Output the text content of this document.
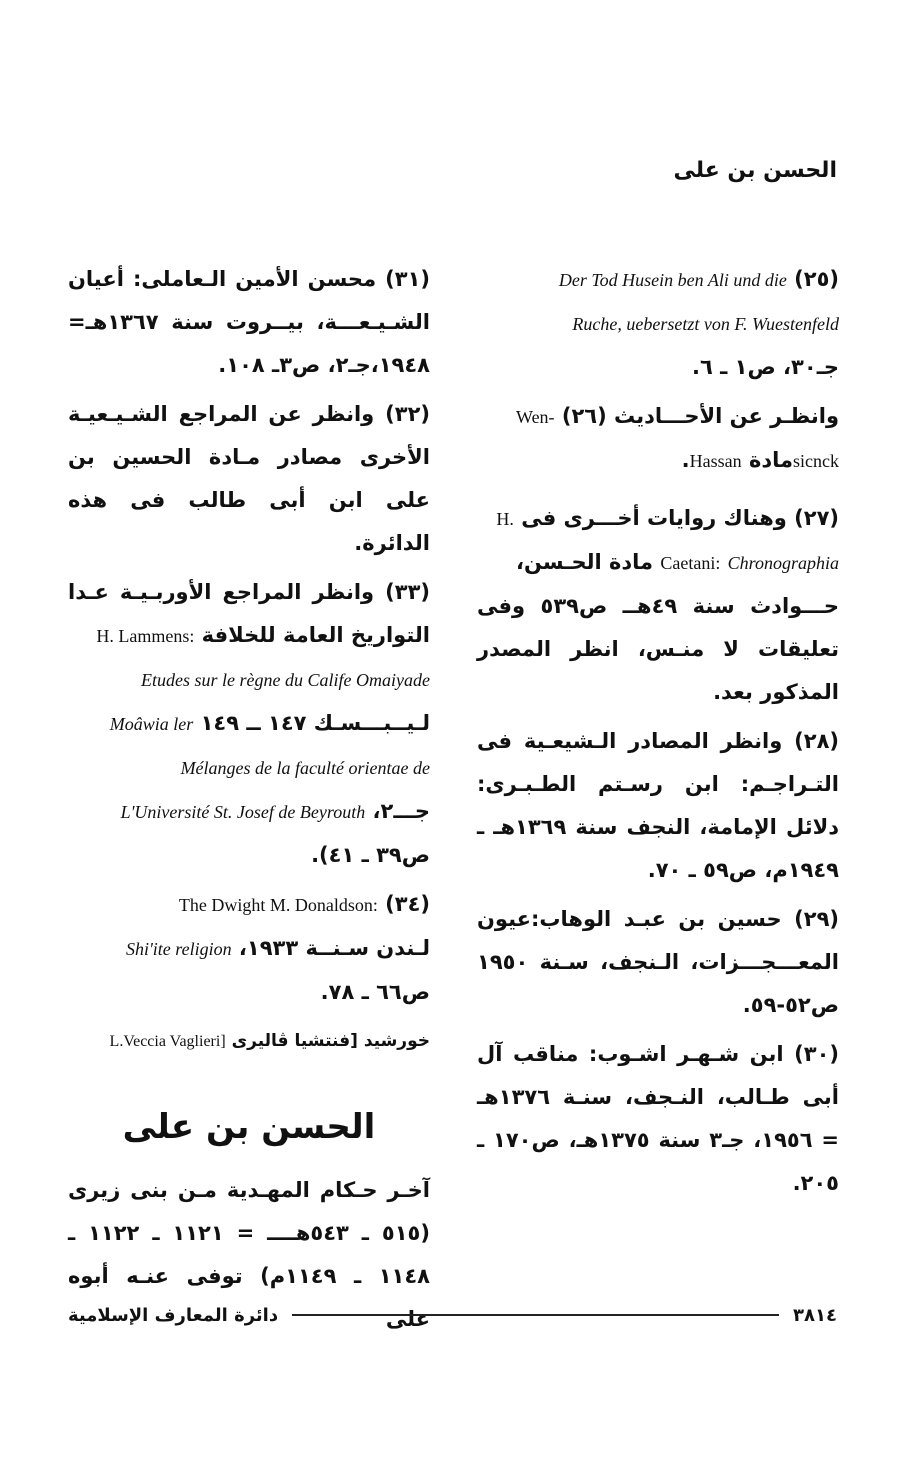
الحسن بن على

(٢٥) Der Tod Husein ben Ali und die

Ruche, uebersetzt von F. Wuestenfeld

جـ٣٠، ص١ ـ ٦.

وانظـر عن الأحـــاديث (٢٦) Wen-

sicnckمادة Hassan.

(٢٧) وهناك روايات أخـــرى فى H.

Caetani: Chronographia مادة الحـسن،

حـــوادث سنة ٤٩هــ ص٥٣٩ وفى تعليقات لا منـس، انظر المصدر المذكور بعد.

(٢٨) وانظر المصادر الـشيعـية فى التـراجـم: ابن رسـتم الطـبـرى: دلائل الإمامة، النجف سنة ١٣٦٩هـ ـ ١٩٤٩م، ص٥٩ ـ ٧٠.

(٢٩) حسين بن عبـد الوهاب:عيون المعـــجـــزات، الـنجف، سـنة ١٩٥٠ ص٥٢-٥٩.

(٣٠) ابن شـهـر اشـوب: مناقب آل أبى طـالب، النـجف، سنـة ١٣٧٦هـ = ١٩٥٦، جـ٣ سنة ١٣٧٥هـ، ص١٧٠ ـ ٢٠٥.

(٣١) محسن الأمين الـعاملى: أعيان الشـيـعـــة، بيــروت سنة ١٣٦٧هـ= ١٩٤٨،جـ٢، ص٣ـ ١٠٨.

(٣٢) وانظر عن المراجع الشـيـعيـة الأخرى مصادر مـادة الحسين بن على ابن أبى طالب فى هذه الدائرة.

(٣٣) وانظر المراجع الأوربـيـة عـدا التواريخ العامة للخلافة H. Lammens:

Etudes sur le règne du Calife Omaiyade

لـيــبـــسـك ١٤٧ ــ ١٤٩ Moâwia ler

Mélanges de la faculté orientae de

جـــ٢، L'Université St. Josef de Beyrouth

ص٣٩ ـ ٤١).

(٣٤) The Dwight M. Donaldson:

لـندن سـنــة ١٩٣٣، Shi'ite religion

ص٦٦ ـ ٧٨.

خورشيد [فنتشيا ڤاليرى L.Veccia Vaglieri]
الحسن بن على

آخـر حـكام المهـدية مـن بنى زيرى (٥١٥ ـ ٥٤٣هــــ = ١١٢١ ـ ١١٢٢ ـ ١١٤٨ ـ ١١٤٩م) توفى عنـه أبوه على	٣٨١٤
دائرة المعارف الإسلامية
